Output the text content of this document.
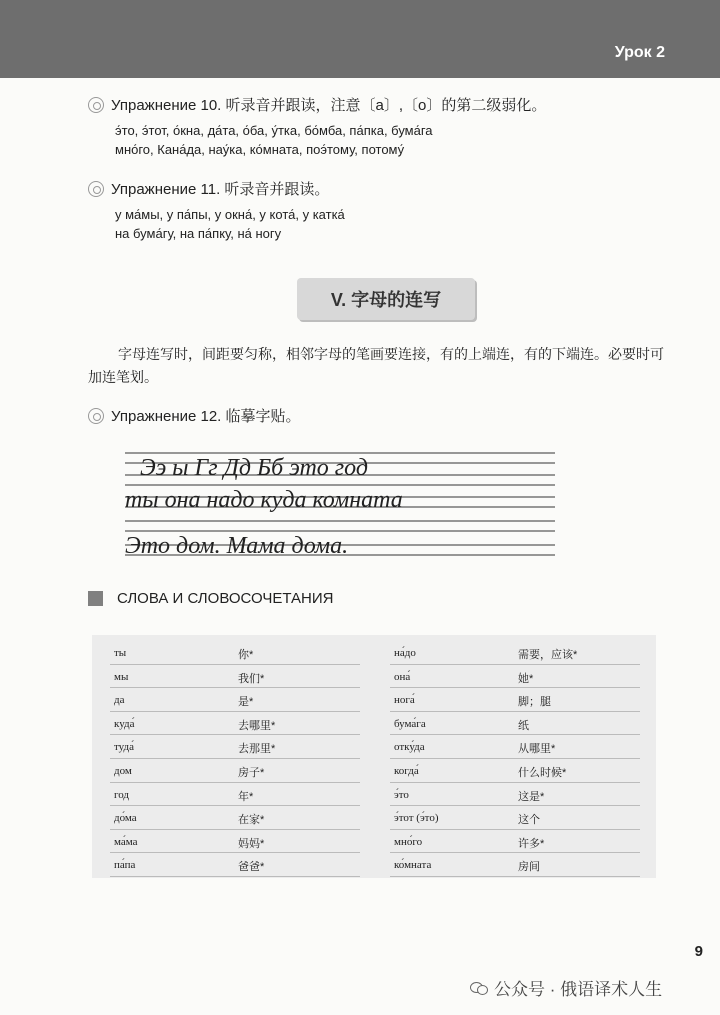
Урок 2
Упражнение 10. 听录音并跟读，注意〔a〕,〔o〕的第二级弱化。
э́то, э́тот, о́кна, да́та, о́ба, у́тка, бо́мба, па́пка, бума́га
мно́го, Кана́да, нау́ка, ко́мната, поэ́тому, потому́
Упражнение 11. 听录音并跟读。
у ма́мы, у па́пы, у окна́, у кота́, у катка́
на бума́гу, на па́пку, на́ ногу
V. 字母的连写
字母连写时，间距要匀称，相邻字母的笔画要连接，有的上端连，有的下端连。必要时可加连笔划。
Упражнение 12. 临摹字贴。
Ээ ы Гг Дд Бб это год
ты она надо куда комната
Это дом. Мама дома.
СЛОВА И СЛОВОСОЧЕТАНИЯ
ты	你*
мы	我们*
да	是*
куда́	去哪里*
туда́	去那里*
дом	房子*
год	年*
до́ма	在家*
ма́ма	妈妈*
па́па	爸爸*
на́до	需要，应该*
она́	她*
нога́	脚；腿
бума́га	纸
отку́да	从哪里*
когда́	什么时候*
э́то	这是*
э́тот (э́то)	这个
мно́го	许多*
ко́мната	房间
9
公众号 · 俄语译术人生
